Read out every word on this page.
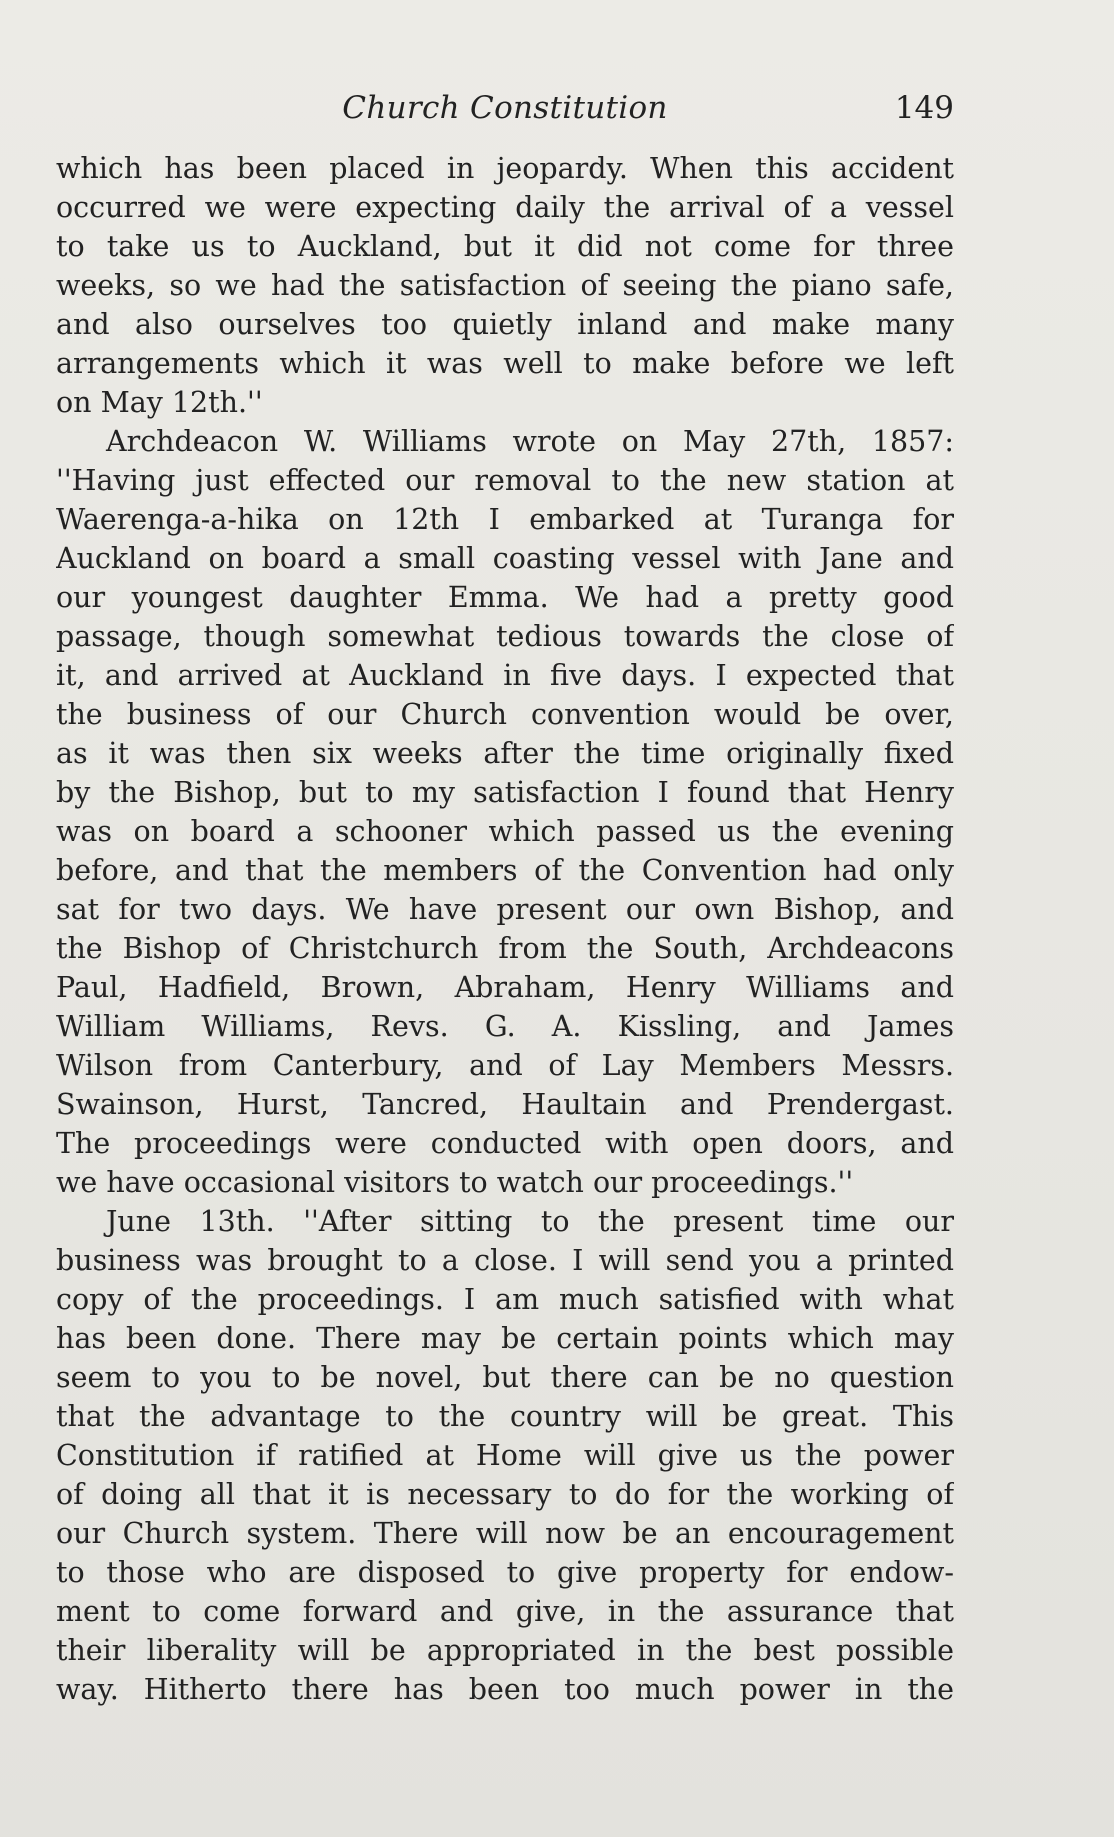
Church Constitution	149
which has been placed in jeopardy. When this accident
occurred we were expecting daily the arrival of a vessel
to take us to Auckland, but it did not come for three
weeks, so we had the satisfaction of seeing the piano safe,
and also ourselves too quietly inland and make many
arrangements which it was well to make before we left
on May 12th.''
Archdeacon W. Williams wrote on May 27th, 1857:
''Having just effected our removal to the new station at
Waerenga-a-hika on 12th I embarked at Turanga for
Auckland on board a small coasting vessel with Jane and
our youngest daughter Emma. We had a pretty good
passage, though somewhat tedious towards the close of
it, and arrived at Auckland in five days. I expected that
the business of our Church convention would be over,
as it was then six weeks after the time originally fixed
by the Bishop, but to my satisfaction I found that Henry
was on board a schooner which passed us the evening
before, and that the members of the Convention had only
sat for two days. We have present our own Bishop, and
the Bishop of Christchurch from the South, Archdeacons
Paul, Hadfield, Brown, Abraham, Henry Williams and
William Williams, Revs. G. A. Kissling, and James
Wilson from Canterbury, and of Lay Members Messrs.
Swainson, Hurst, Tancred, Haultain and Prendergast.
The proceedings were conducted with open doors, and
we have occasional visitors to watch our proceedings.''
June 13th. ''After sitting to the present time our
business was brought to a close. I will send you a printed
copy of the proceedings. I am much satisfied with what
has been done. There may be certain points which may
seem to you to be novel, but there can be no question
that the advantage to the country will be great. This
Constitution if ratified at Home will give us the power
of doing all that it is necessary to do for the working of
our Church system. There will now be an encouragement
to those who are disposed to give property for endow-
ment to come forward and give, in the assurance that
their liberality will be appropriated in the best possible
way. Hitherto there has been too much power in the
